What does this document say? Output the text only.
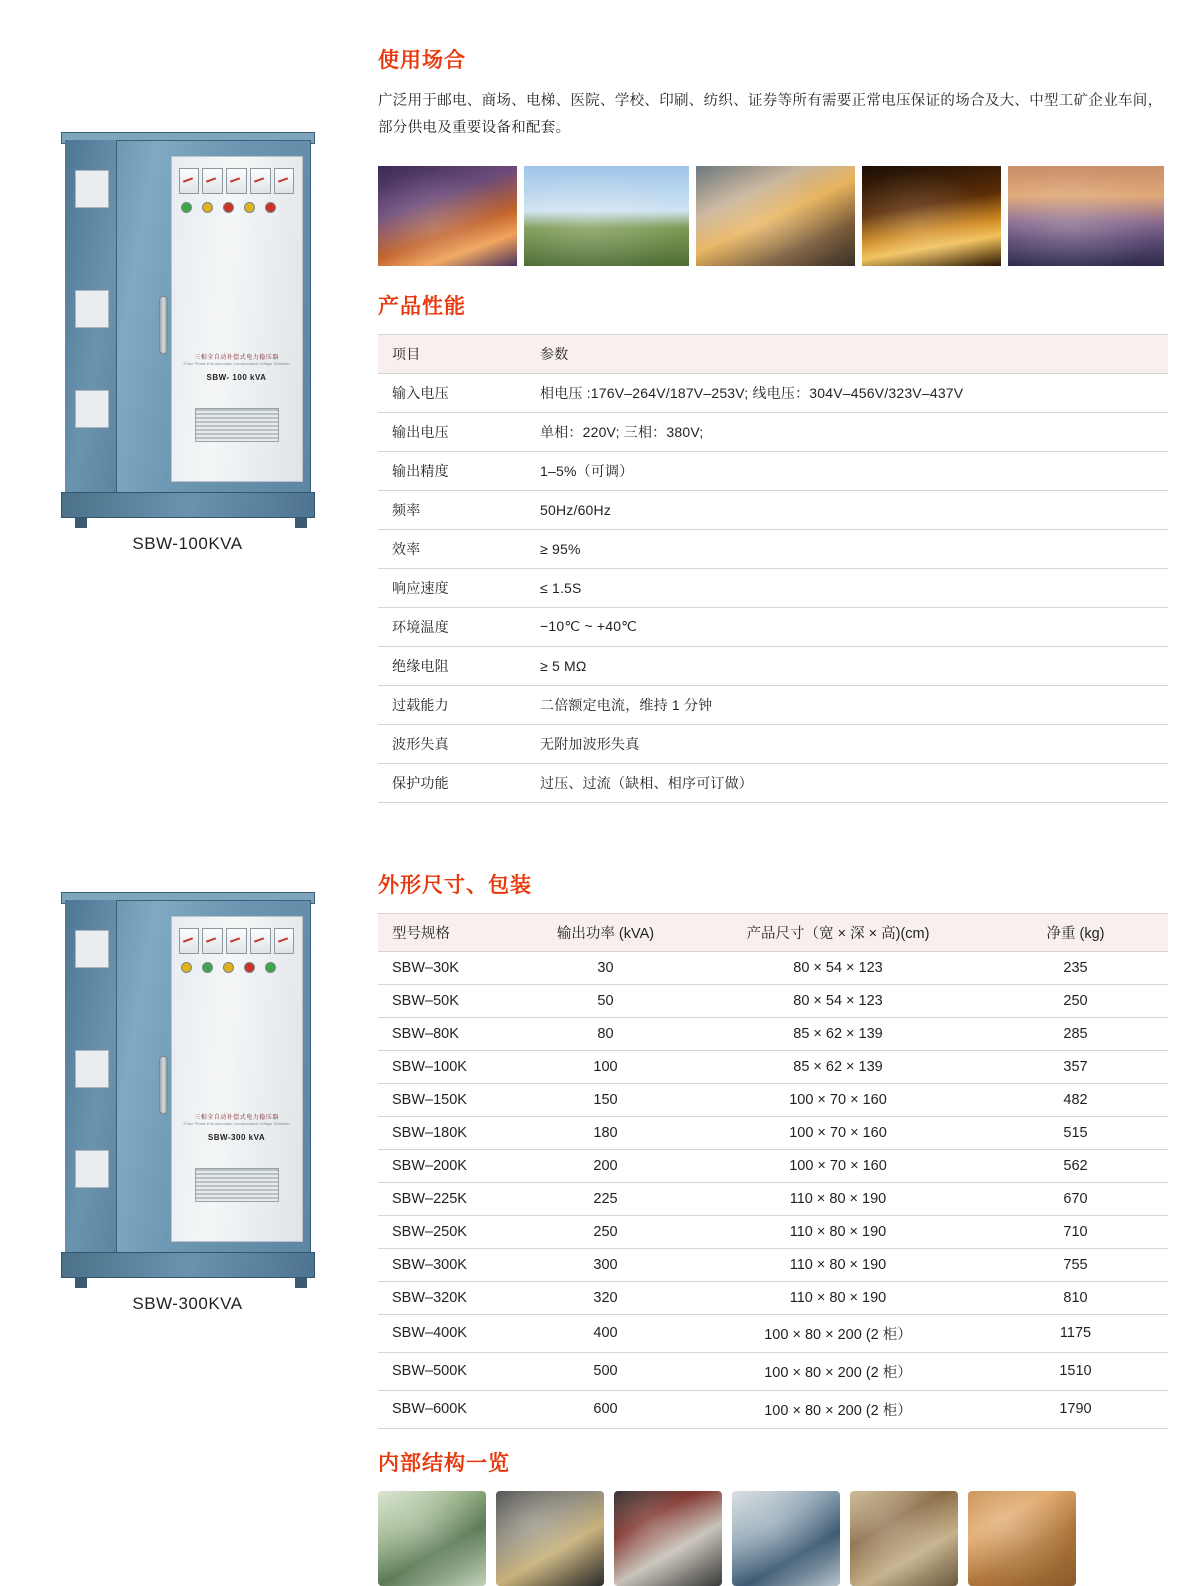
三相全自动补偿式电力稳压器
Three Phase Full-automatic Compensated Voltage Stabilizer
SBW- 100 kVA
SBW-100KVA
三相全自动补偿式电力稳压器
Three Phase Full-automatic Compensated Voltage Stabilizer
SBW-300 kVA
SBW-300KVA
使用场合

广泛用于邮电、商场、电梯、医院、学校、印刷、纺织、证券等所有需要正常电压保证的场合及大、中型工矿企业车间，部分供电及重要设备和配套。

产品性能
项目	参数
输入电压	相电压 :176V–264V/187V–253V; 线电压：304V–456V/323V–437V
输出电压	单相：220V; 三相：380V;
输出精度	1–5%（可调）
频率	50Hz/60Hz
效率	≥ 95%
响应速度	≤ 1.5S
环境温度	−10℃ ~ +40℃
绝缘电阻	≥ 5 MΩ
过载能力	二倍额定电流，维持 1 分钟
波形失真	无附加波形失真
保护功能	过压、过流（缺相、相序可订做）
外形尺寸、包装
型号规格	输出功率 (kVA)	产品尺寸（宽 × 深 × 高)(cm)	净重 (kg)
SBW–30K	30	80 × 54 × 123	235
SBW–50K	50	80 × 54 × 123	250
SBW–80K	80	85 × 62 × 139	285
SBW–100K	100	85 × 62 × 139	357
SBW–150K	150	100 × 70 × 160	482
SBW–180K	180	100 × 70 × 160	515
SBW–200K	200	100 × 70 × 160	562
SBW–225K	225	110 × 80 × 190	670
SBW–250K	250	110 × 80 × 190	710
SBW–300K	300	110 × 80 × 190	755
SBW–320K	320	110 × 80 × 190	810
SBW–400K	400	100 × 80 × 200 (2 柜）	1175
SBW–500K	500	100 × 80 × 200 (2 柜）	1510
SBW–600K	600	100 × 80 × 200 (2 柜）	1790
内部结构一览
